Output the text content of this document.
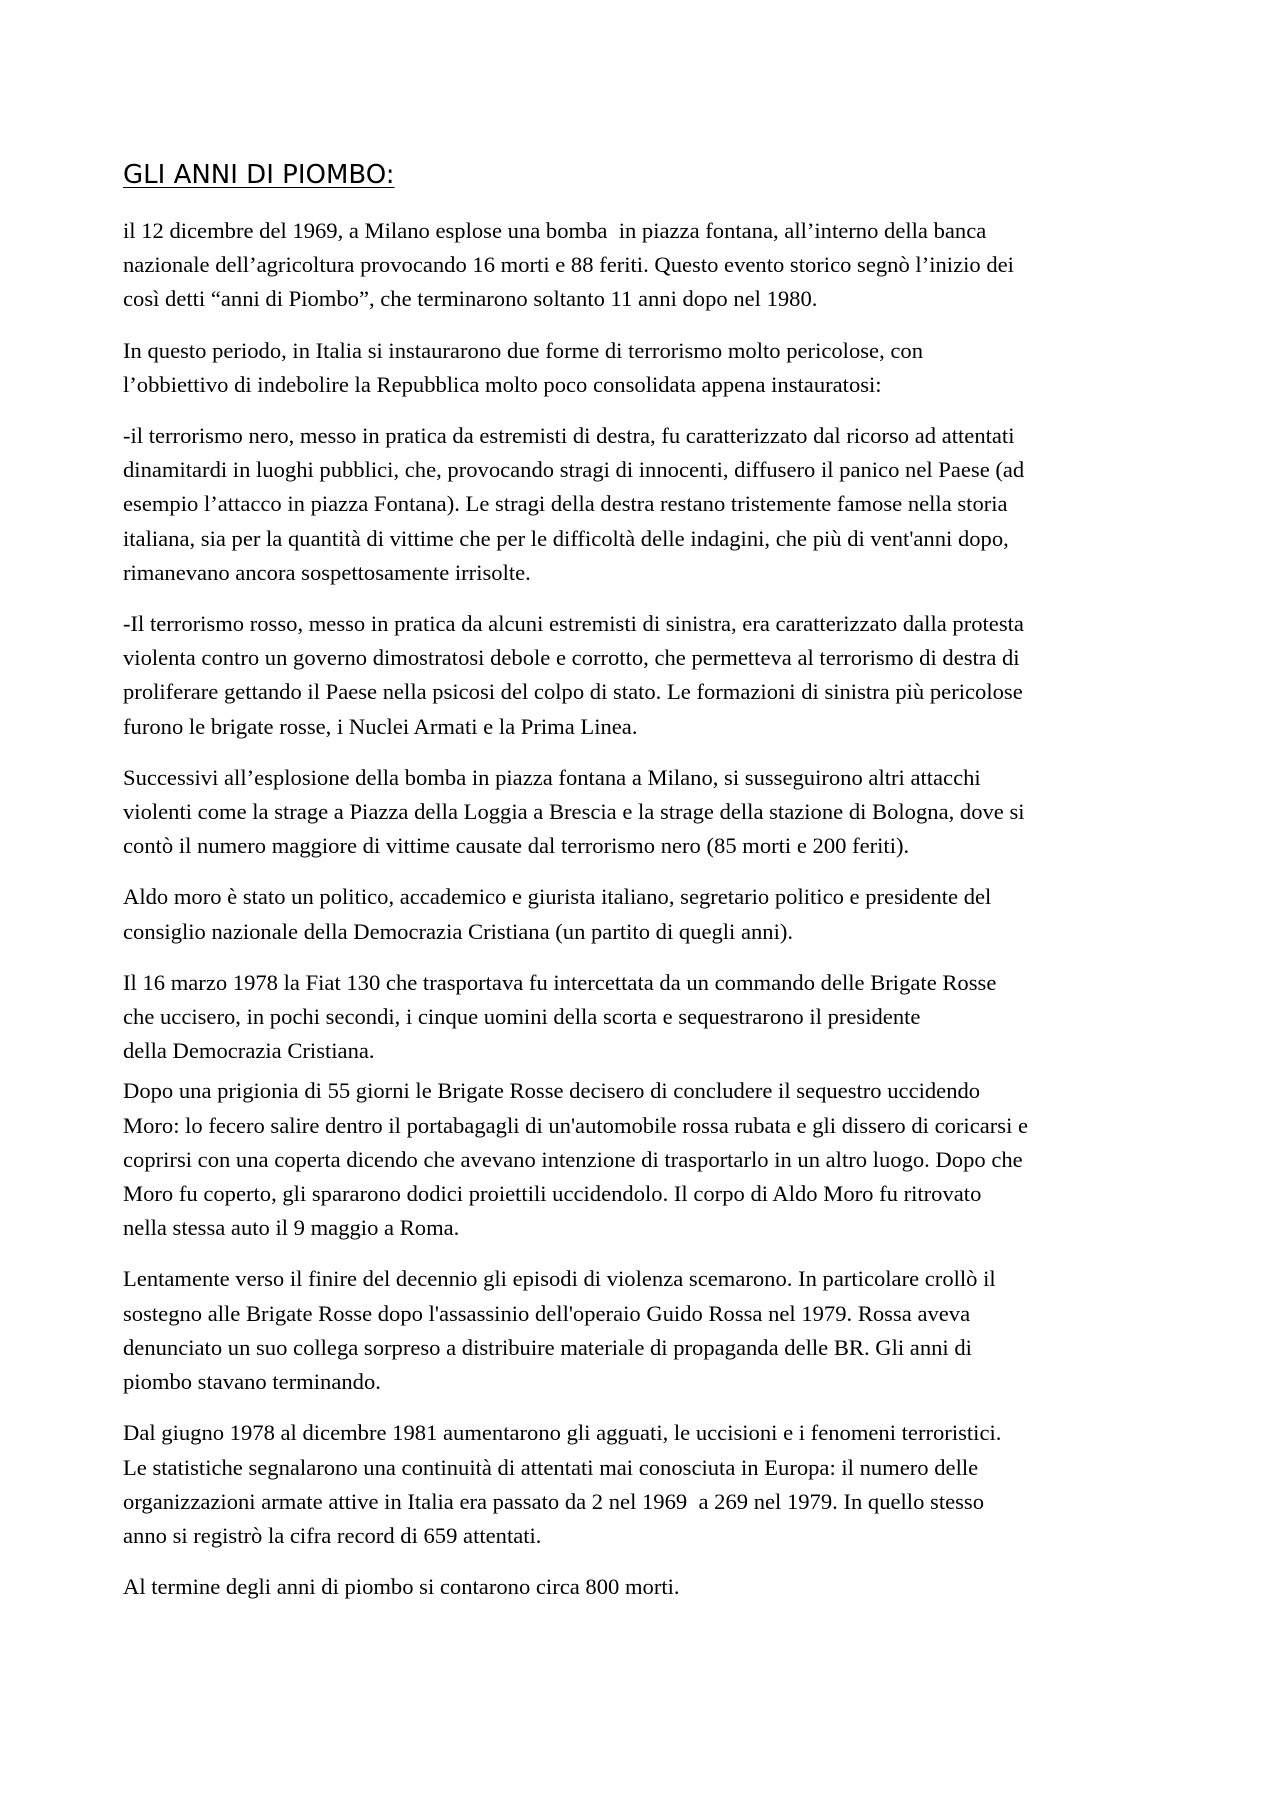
GLI ANNI DI PIOMBO:
il 12 dicembre del 1969, a Milano esplose una bomba  in piazza fontana, all’interno della banca
nazionale dell’agricoltura provocando 16 morti e 88 feriti. Questo evento storico segnò l’inizio dei
così detti “anni di Piombo”, che terminarono soltanto 11 anni dopo nel 1980.
In questo periodo, in Italia si instaurarono due forme di terrorismo molto pericolose, con
l’obbiettivo di indebolire la Repubblica molto poco consolidata appena instauratosi:
-il terrorismo nero, messo in pratica da estremisti di destra, fu caratterizzato dal ricorso ad attentati
dinamitardi in luoghi pubblici, che, provocando stragi di innocenti, diffusero il panico nel Paese (ad
esempio l’attacco in piazza Fontana). Le stragi della destra restano tristemente famose nella storia
italiana, sia per la quantità di vittime che per le difficoltà delle indagini, che più di vent'anni dopo,
rimanevano ancora sospettosamente irrisolte.
-Il terrorismo rosso, messo in pratica da alcuni estremisti di sinistra, era caratterizzato dalla protesta
violenta contro un governo dimostratosi debole e corrotto, che permetteva al terrorismo di destra di
proliferare gettando il Paese nella psicosi del colpo di stato. Le formazioni di sinistra più pericolose
furono le brigate rosse, i Nuclei Armati e la Prima Linea.
Successivi all’esplosione della bomba in piazza fontana a Milano, si susseguirono altri attacchi
violenti come la strage a Piazza della Loggia a Brescia e la strage della stazione di Bologna, dove si
contò il numero maggiore di vittime causate dal terrorismo nero (85 morti e 200 feriti).
Aldo moro è stato un politico, accademico e giurista italiano, segretario politico e presidente del
consiglio nazionale della Democrazia Cristiana (un partito di quegli anni).
Il 16 marzo 1978 la Fiat 130 che trasportava fu intercettata da un commando delle Brigate Rosse
che uccisero, in pochi secondi, i cinque uomini della scorta e sequestrarono il presidente
della Democrazia Cristiana.
Dopo una prigionia di 55 giorni le Brigate Rosse decisero di concludere il sequestro uccidendo
Moro: lo fecero salire dentro il portabagagli di un'automobile rossa rubata e gli dissero di coricarsi e
coprirsi con una coperta dicendo che avevano intenzione di trasportarlo in un altro luogo. Dopo che
Moro fu coperto, gli spararono dodici proiettili uccidendolo. Il corpo di Aldo Moro fu ritrovato
nella stessa auto il 9 maggio a Roma.
Lentamente verso il finire del decennio gli episodi di violenza scemarono. In particolare crollò il
sostegno alle Brigate Rosse dopo l'assassinio dell'operaio Guido Rossa nel 1979. Rossa aveva
denunciato un suo collega sorpreso a distribuire materiale di propaganda delle BR. Gli anni di
piombo stavano terminando.
Dal giugno 1978 al dicembre 1981 aumentarono gli agguati, le uccisioni e i fenomeni terroristici.
Le statistiche segnalarono una continuità di attentati mai conosciuta in Europa: il numero delle
organizzazioni armate attive in Italia era passato da 2 nel 1969  a 269 nel 1979. In quello stesso
anno si registrò la cifra record di 659 attentati.
Al termine degli anni di piombo si contarono circa 800 morti.
